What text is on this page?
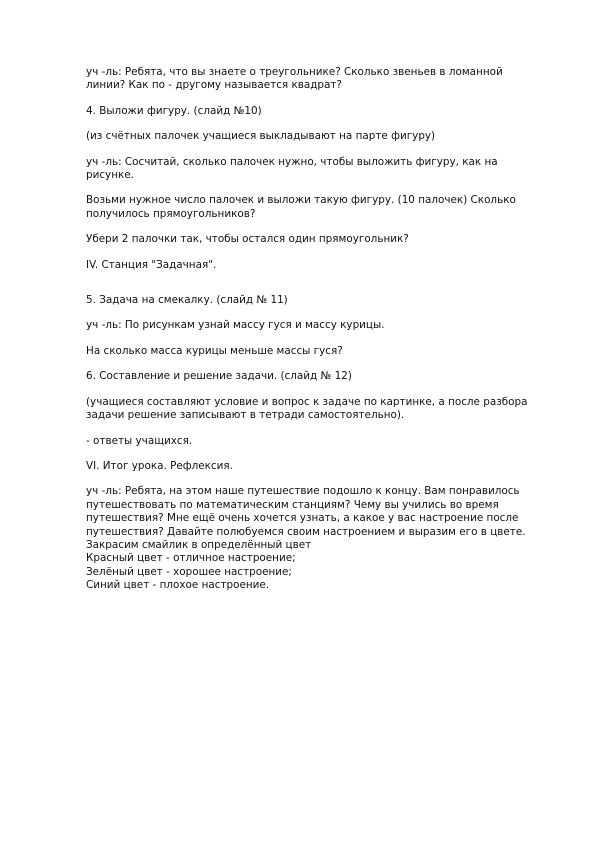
уч -ль: Ребята, что вы знаете о треугольнике? Сколько звеньев в ломанной
линии? Как по - другому называется квадрат?

4. Выложи фигуру. (слайд №10)

(из счётных палочек учащиеся выкладывают на парте фигуру)

уч -ль: Сосчитай, сколько палочек нужно, чтобы выложить фигуру, как на
рисунке.

Возьми нужное число палочек и выложи такую фигуру. (10 палочек) Сколько
получилось прямоугольников?

Убери 2 палочки так, чтобы остался один прямоугольник?

IV. Станция "Задачная".

5. Задача на смекалку. (слайд № 11)

уч -ль: По рисункам узнай массу гуся и массу курицы.

На сколько масса курицы меньше массы гуся?

6. Составление и решение задачи. (слайд № 12)

(учащиеся составляют условие и вопрос к задаче по картинке, а после разбора
задачи решение записывают в тетради самостоятельно).

- ответы учащихся.

VI. Итог урока. Рефлексия.

уч -ль: Ребята, на этом наше путешествие подошло к концу. Вам понравилось
путешествовать по математическим станциям? Чему вы учились во время
путешествия? Мне ещё очень хочется узнать, а какое у вас настроение после
путешествия? Давайте полюбуемся своим настроением и выразим его в цвете.
Закрасим смайлик в определённый цвет
Красный цвет - отличное настроение;
Зелёный цвет - хорошее настроение;
Синий цвет - плохое настроение.
